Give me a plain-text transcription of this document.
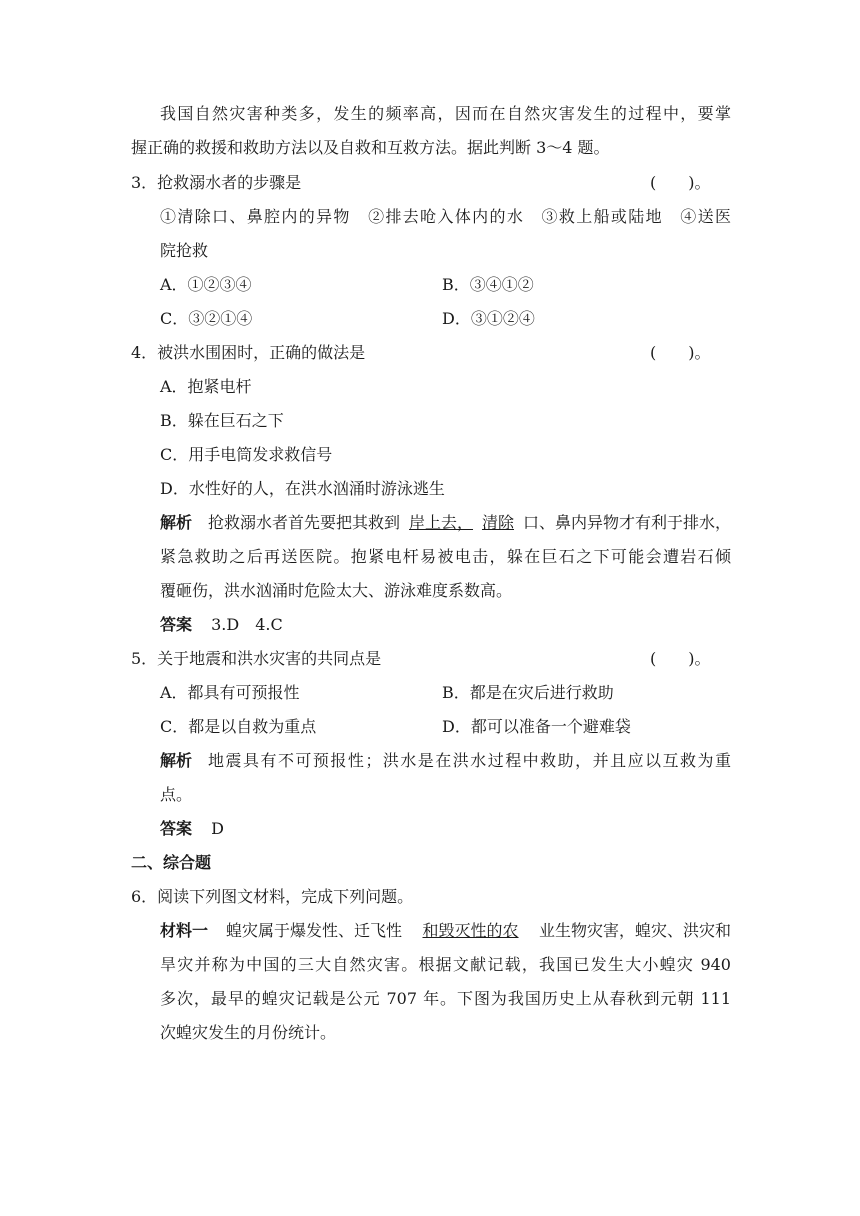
我国自然灾害种类多，发生的频率高，因而在自然灾害发生的过程中，要掌
握正确的救援和救助方法以及自救和互救方法。据此判断 3～4 题。
3．抢救溺水者的步骤是	(　　)。
①清除口、鼻腔内的异物　②排去呛入体内的水　③救上船或陆地　④送医
院抢救
A．①②③④	B．③④①②
C．③②①④	D．③①②④
4．被洪水围困时，正确的做法是	(　　)。
A．抱紧电杆
B．躲在巨石之下
C．用手电筒发求救信号
D．水性好的人，在洪水汹涌时游泳逃生
解析 抢救溺水者首先要把其救到 岸上去， 清除 口、鼻内异物才有利于排水，
紧急救助之后再送医院。抱紧电杆易被电击，躲在巨石之下可能会遭岩石倾
覆砸伤，洪水汹涌时危险太大、游泳难度系数高。
答案 3.D　4.C
5．关于地震和洪水灾害的共同点是	(　　)。
A．都具有可预报性	B．都是在灾后进行救助
C．都是以自救为重点	D．都可以准备一个避难袋
解析 地震具有不可预报性；洪水是在洪水过程中救助，并且应以互救为重
点。
答案 D
二、综合题
6．阅读下列图文材料，完成下列问题。
材料一 蝗灾属于爆发性、迁飞性 和毁灭性的农 业生物灾害，蝗灾、洪灾和
旱灾并称为中国的三大自然灾害。根据文献记载，我国已发生大小蝗灾 940
多次，最早的蝗灾记载是公元 707 年。下图为我国历史上从春秋到元朝 111
次蝗灾发生的月份统计。
